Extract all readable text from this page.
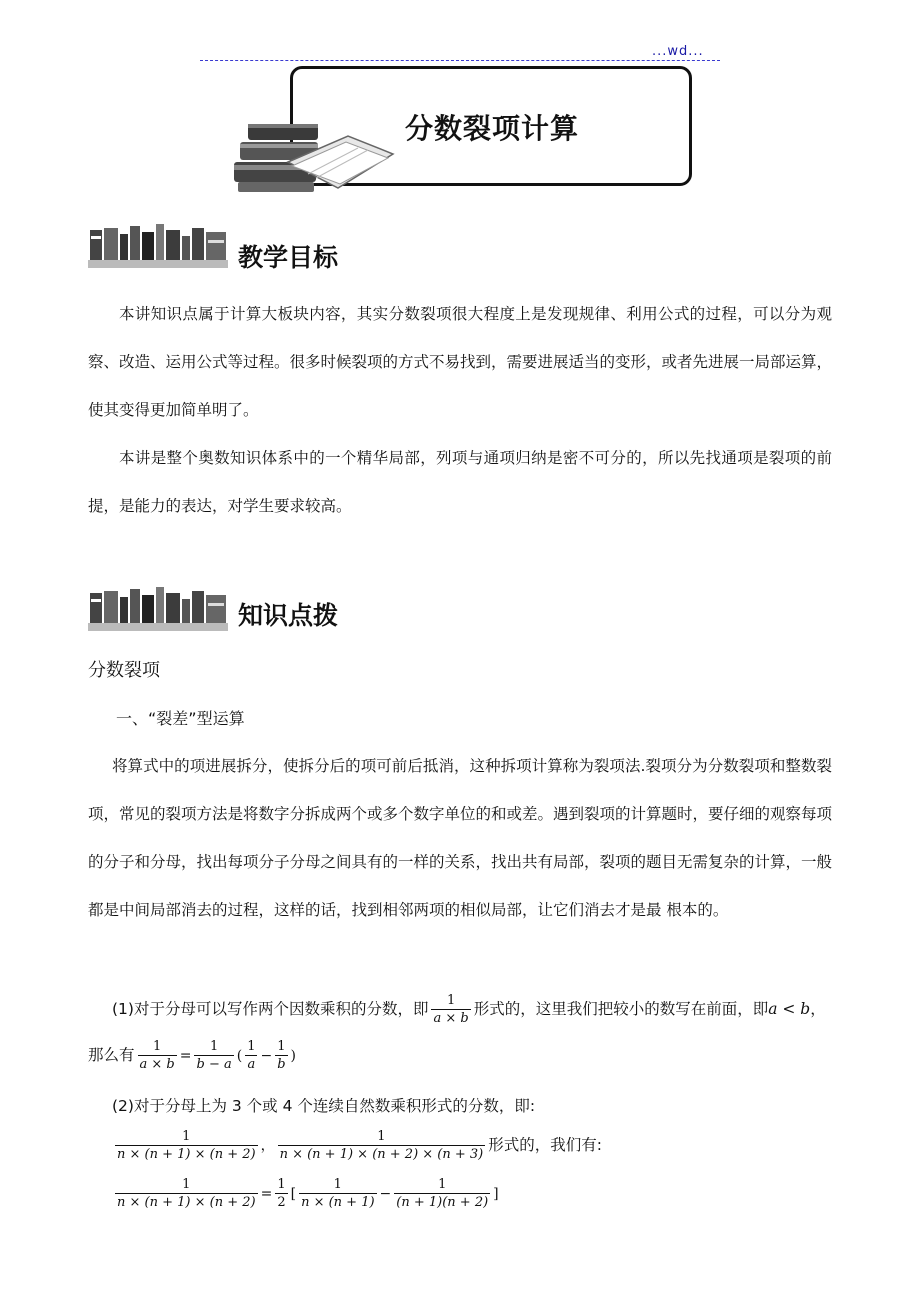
...wd...
分数裂项计算
教学目标

本讲知识点属于计算大板块内容，其实分数裂项很大程度上是发现规律、利用公式的过程，可以分为观察、改造、运用公式等过程。很多时候裂项的方式不易找到，需要进展适当的变形，或者先进展一局部运算，使其变得更加简单明了。

本讲是整个奥数知识体系中的一个精华局部，列项与通项归纳是密不可分的，所以先找通项是裂项的前提，是能力的表达，对学生要求较高。

知识点拨
分数裂项
一、“裂差”型运算

将算式中的项进展拆分，使拆分后的项可前后抵消，这种拆项计算称为裂项法.裂项分为分数裂项和整数裂项，常见的裂项方法是将数字分拆成两个或多个数字单位的和或差。遇到裂项的计算题时，要仔细的观察每项的分子和分母，找出每项分子分母之间具有的一样的关系，找出共有局部，裂项的题目无需复杂的计算，一般都是中间局部消去的过程，这样的话，找到相邻两项的相似局部，让它们消去才是最 根本的。

(1)对于分母可以写作两个因数乘积的分数，即 $\frac{1}{a \times b}$ 形式的，这里我们把较小的数写在前面，即a < b，
那么有 $\frac{1}{a \times b} = \frac{1}{b - a}$ ( $\frac{1}{a} - \frac{1}{b}$ )
(2)对于分母上为 3 个或 4 个连续自然数乘积形式的分数，即:
$\frac{1}{n \times (n + 1) \times (n + 2)}$ ， $\frac{1}{n \times (n + 1) \times (n + 2) \times (n + 3)}$ 形式的，我们有:
$\frac{1}{n \times (n + 1) \times (n + 2)} = \frac{1}{2}$ [ $\frac{1}{n \times (n + 1)} - \frac{1}{(n + 1)(n + 2)}$ ]
